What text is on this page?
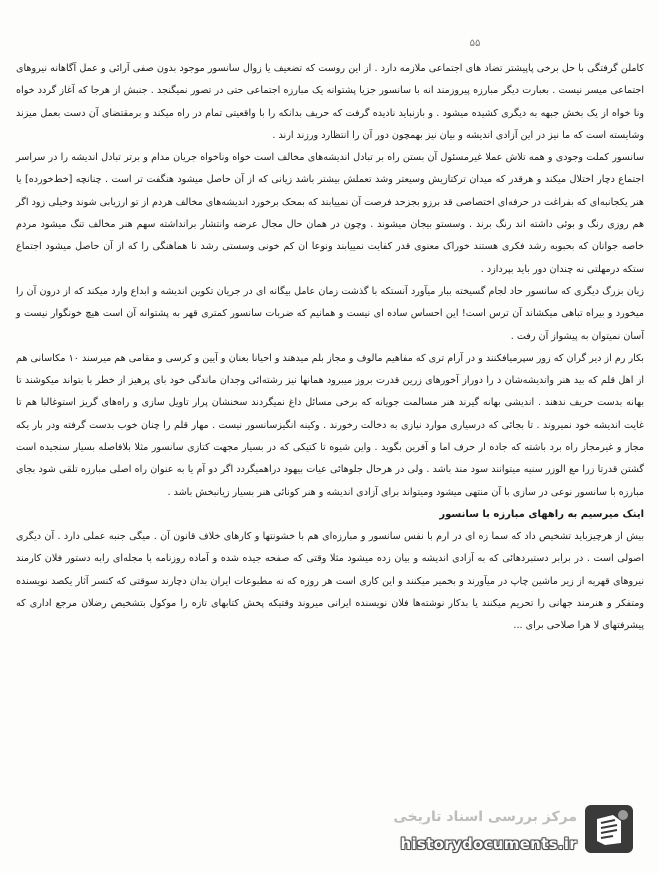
۵۵

کاملن گرفتگی با حل برخی پاپیشتر تضاد های اجتماعی ملازمه دارد . از این روست که تضعیف یا زوال سانسور موجود بدون صفی آرائی و عمل آگاهانه نیروهای اجتماعی میسر نیست . بعبارت دیگر مبارزه پیروزمند انه با سانسور جزیا پشتوانه یک مبارزه اجتماعی حتی در تصور نمیگنجد . جنبش از هرجا که آغاز گردد خواه ونا خواه از یک بخش جبهه به دیگری کشیده میشود . و بازنباید نادیده گرفت که حریف بدانکه را با واقعیتی تمام در راه میکند و برمقتضای آن دست بعمل میزند وشایسته است که ما نیز در این آزادی اندیشه و بیان نیز بهمچون دور آن را انتظارد ورزند ارند .

سانسور کملت وجودی و همه تلاش عملا غیرمسئول آن بستن راه بر تبادل اندیشه‌های مخالف است خواه وناخواه جریان مدام و برتر تبادل اندیشه را در سراسر اجتماع دچار اختلال میکند و هرقدر که میدان ترکتازیش وسیعتر وشد تعملش بیشتر باشد زیانی که از آن حاصل میشود هنگفت تر است . چنانچه [خط‌خورده] یا هنر یکجانبه‌ای که بفراغت در حرفه‌ای اختصاصی قد برزو بجزحد فرصت آن نمییابند که بمحک برخورد اندیشه‌های مخالف هردم از تو ارزیابی شوند وخیلی زود اگر هم روزی رنگ و بوئی داشته اند رنگ برند . وسستو بیجان میشوند . وچون در همان حال مجال عرضه وانتشار برانداشته سهم هنر مخالف تنگ میشود مردم خاصه جوانان که بحبوبه رشد فکری هستند خوراک معنوی قدر کفایت نمییابند ونوعا ان کم خونی وسستی رشد نا هماهنگی را که از آن حاصل میشود اجتماع ستکه درمهلتی نه چندان دور باید بپردازد .

زیان بزرگ دیگری که سانسور حاد لجام گسیخته ببار میآورد آنستکه با گذشت زمان عامل بیگانه ای در جریان تکوین اندیشه و ابداع وارد میکند که از درون آن را میخورد و بیراه تباهی میکشاند آن ترس است! این احساس ساده ای نیست و همانیم که ضربات سانسور کمتری قهر به پشتوانه آن است هیچ خونگوار نیست و آسان نمیتوان به پیشواز آن رفت .

بکار رم از دیر گران که زور سپرمیافکنند و در آرام تری که مفاهیم مالوف و مجاز بلم میدهند و احیانا بعنان و آیین و کرسی و مقامی هم میرسند ۱۰ مکاسانی هم از اهل قلم که بید هنر واندیشه‌شان د را دوراز آخورهای زرین قدرت بروز میبرود همانها نیز رشته‌ائی وجدان ماندگی خود بای پرهیز از خطر با بتواند میکوشند تا بهانه بدست حریف ندهند . اندیشی بهانه گیرند هنر مسالمت جویانه که برخی مسائل داغ نمیگردند سخنشان پرار تاویل سازی و راه‌های گریز استوغالبا هم تا غایت اندیشه خود نمیروند . تا بجائی که درسیاری موارد نیازی به دخالت رخورند . وکینه انگیزسانسور نیست . مهار قلم را چنان خوب بدست گرفته ودر بار یکه مجاز و غیرمجاز راه برد باشته که جاده ار حرف اما و آفرین بگوید . واین شیوه تا کتیکی که در بسیار مجهت کتازی سانسور مثلا بلافاصله بسیار سنجیده است گشتن قدرتا زرا مع الوزر سنیه میتوانند سود مند باشد . ولی در هرحال جلوهائی عیات بیهود دراهمیگردد اگر دو آم یا به عنوان راه اصلی مبارزه تلقی شود بجای مبارزه با سانسور نوعی در سازی با آن منتهی میشود ومیتواند برای آزادی اندیشه و هنر کونائی هنر بسیار زیانبخش باشد .

اینک میرسیم به راههای مبارزه با سانسور

بیش از هرچیزباید تشخیص داد که سما زه ای در ارم با نفس سانسور و مبارزه‌ای هم با خشونتها و کارهای خلاف قانون آن . میگی جنبه عملی دارد . آن دیگری اصولی است . در برابر دستبردهائی که به آزادی اندیشه و بیان زده میشود مثلا وقتی که صفحه جیده شده و آماده روزنامه با مجله‌ای رابه دستور فلان کارمند نیروهای قهریه از زیر ماشین چاپ در میآورند و بخمیر میکنند و این کاری است هر روزه که نه مطبوعات ایران بدان دچارند سوقتی که کنسر آثار یکصد نویسنده ومتفکر و هنرمند جهانی را تحریم میکنند یا بدکار نوشته‌ها فلان نویسنده ایرانی میروند وقتیکه پخش کتابهای تازه را موکول بتشخیص رضلان مرجع اداری که پیشرفتهای لا هرا صلاحی برای ...

مرکز بررسی اسناد تاریخی
historydocuments.ir
